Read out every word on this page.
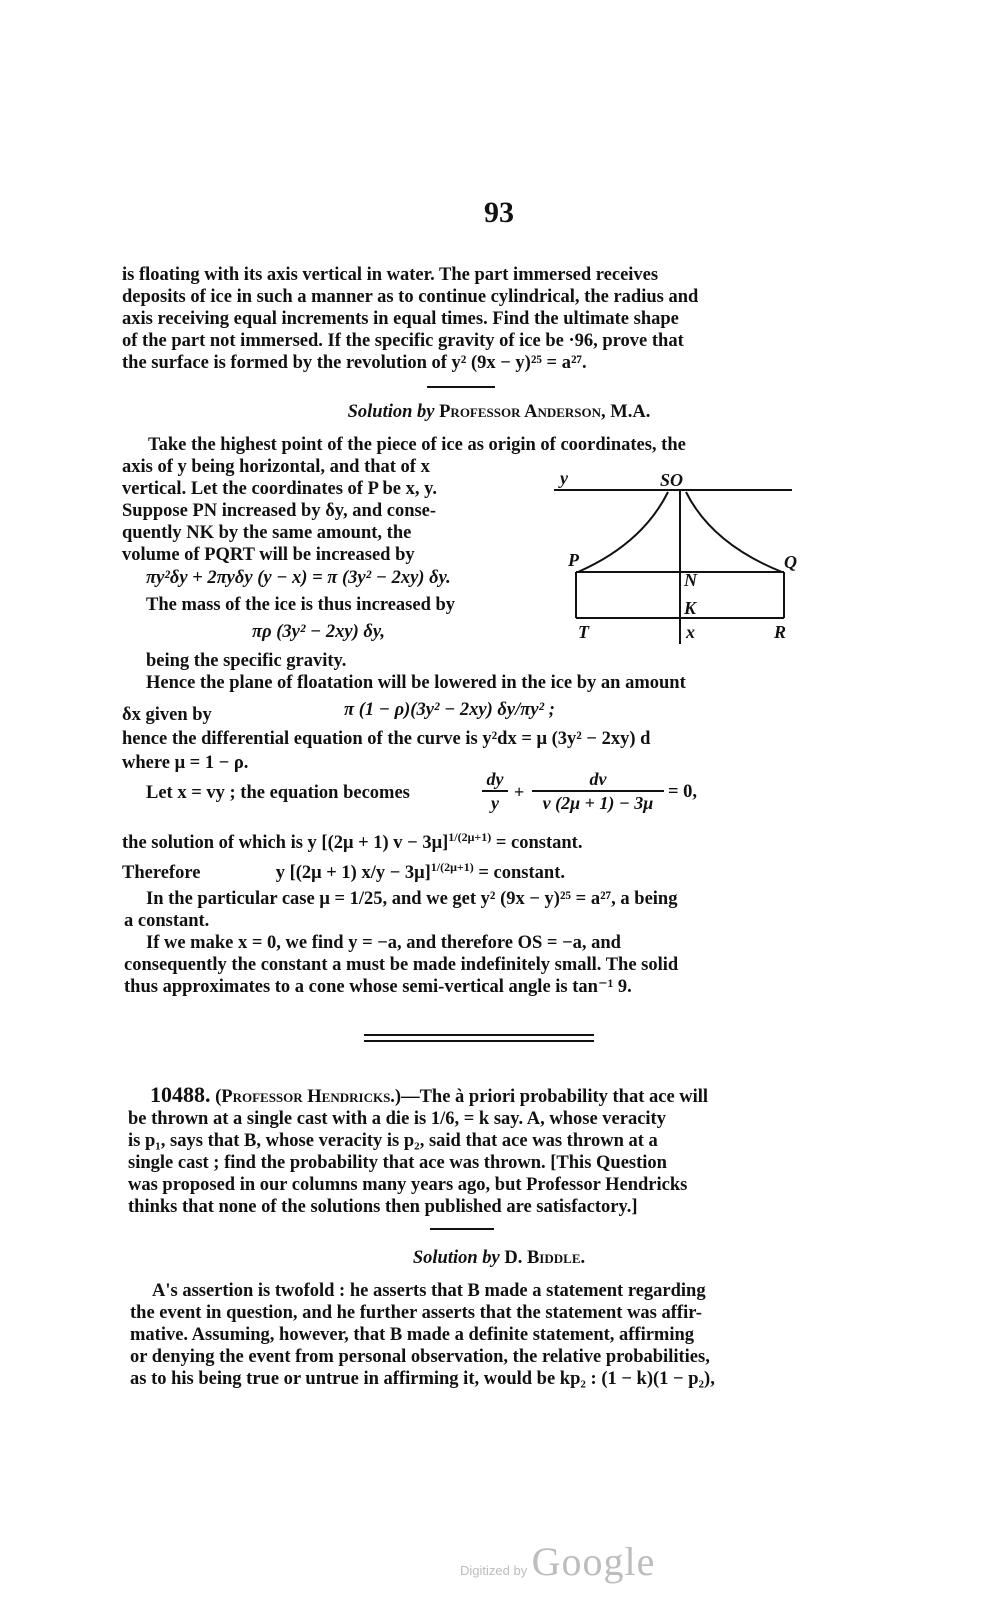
93
is floating with its axis vertical in water. The part immersed receives
deposits of ice in such a manner as to continue cylindrical, the radius and
axis receiving equal increments in equal times. Find the ultimate shape
of the part not immersed. If the specific gravity of ice be ·96, prove that
the surface is formed by the revolution of y² (9x − y)²⁵ = a²⁷.
Solution by Professor Anderson, M.A.
Take the highest point of the piece of ice as origin of coordinates, the
axis of y being horizontal, and that of x
vertical. Let the coordinates of P be x, y.
Suppose PN increased by δy, and conse-
quently NK by the same amount, the
volume of PQRT will be increased by
πy²δy + 2πyδy (y − x) = π (3y² − 2xy) δy.
The mass of the ice is thus increased by
πρ (3y² − 2xy) δy,
being the specific gravity.
y	SO
P	Q
N
K
T	x	R
Hence the plane of floatation will be lowered in the ice by an amount
δx given by	π (1 − ρ)(3y² − 2xy) δy/πy² ;
hence the differential equation of the curve is y²dx = μ (3y² − 2xy) d
where μ = 1 − ρ.
Let x = vy ; the equation becomes	$\frac{dy}{y} + \frac{dv}{v (2\mu + 1) - 3\mu} = 0$,
the solution of which is y [(2μ + 1) v − 3μ]$^{1/(2\mu+1)}$ = constant.
Therefore	y [(2μ + 1) x/y − 3μ]$^{1/(2\mu+1)}$ = constant.
In the particular case μ = 1/25, and we get y² (9x − y)²⁵ = a²⁷, a being
a constant.
If we make x = 0, we find y = −a, and therefore OS = −a, and
consequently the constant a must be made indefinitely small. The solid
thus approximates to a cone whose semi-vertical angle is tan⁻¹ 9.
10488. (Professor Hendricks.)—The à priori probability that ace will
be thrown at a single cast with a die is 1/6, = k say. A, whose veracity
is p₁, says that B, whose veracity is p₂, said that ace was thrown at a
single cast ; find the probability that ace was thrown. [This Question
was proposed in our columns many years ago, but Professor Hendricks
thinks that none of the solutions then published are satisfactory.]
Solution by D. Biddle.
A's assertion is twofold : he asserts that B made a statement regarding
the event in question, and he further asserts that the statement was affir-
mative. Assuming, however, that B made a definite statement, affirming
or denying the event from personal observation, the relative probabilities,
as to his being true or untrue in affirming it, would be kp₂ : (1 − k)(1 − p₂),
Digitized by Google
